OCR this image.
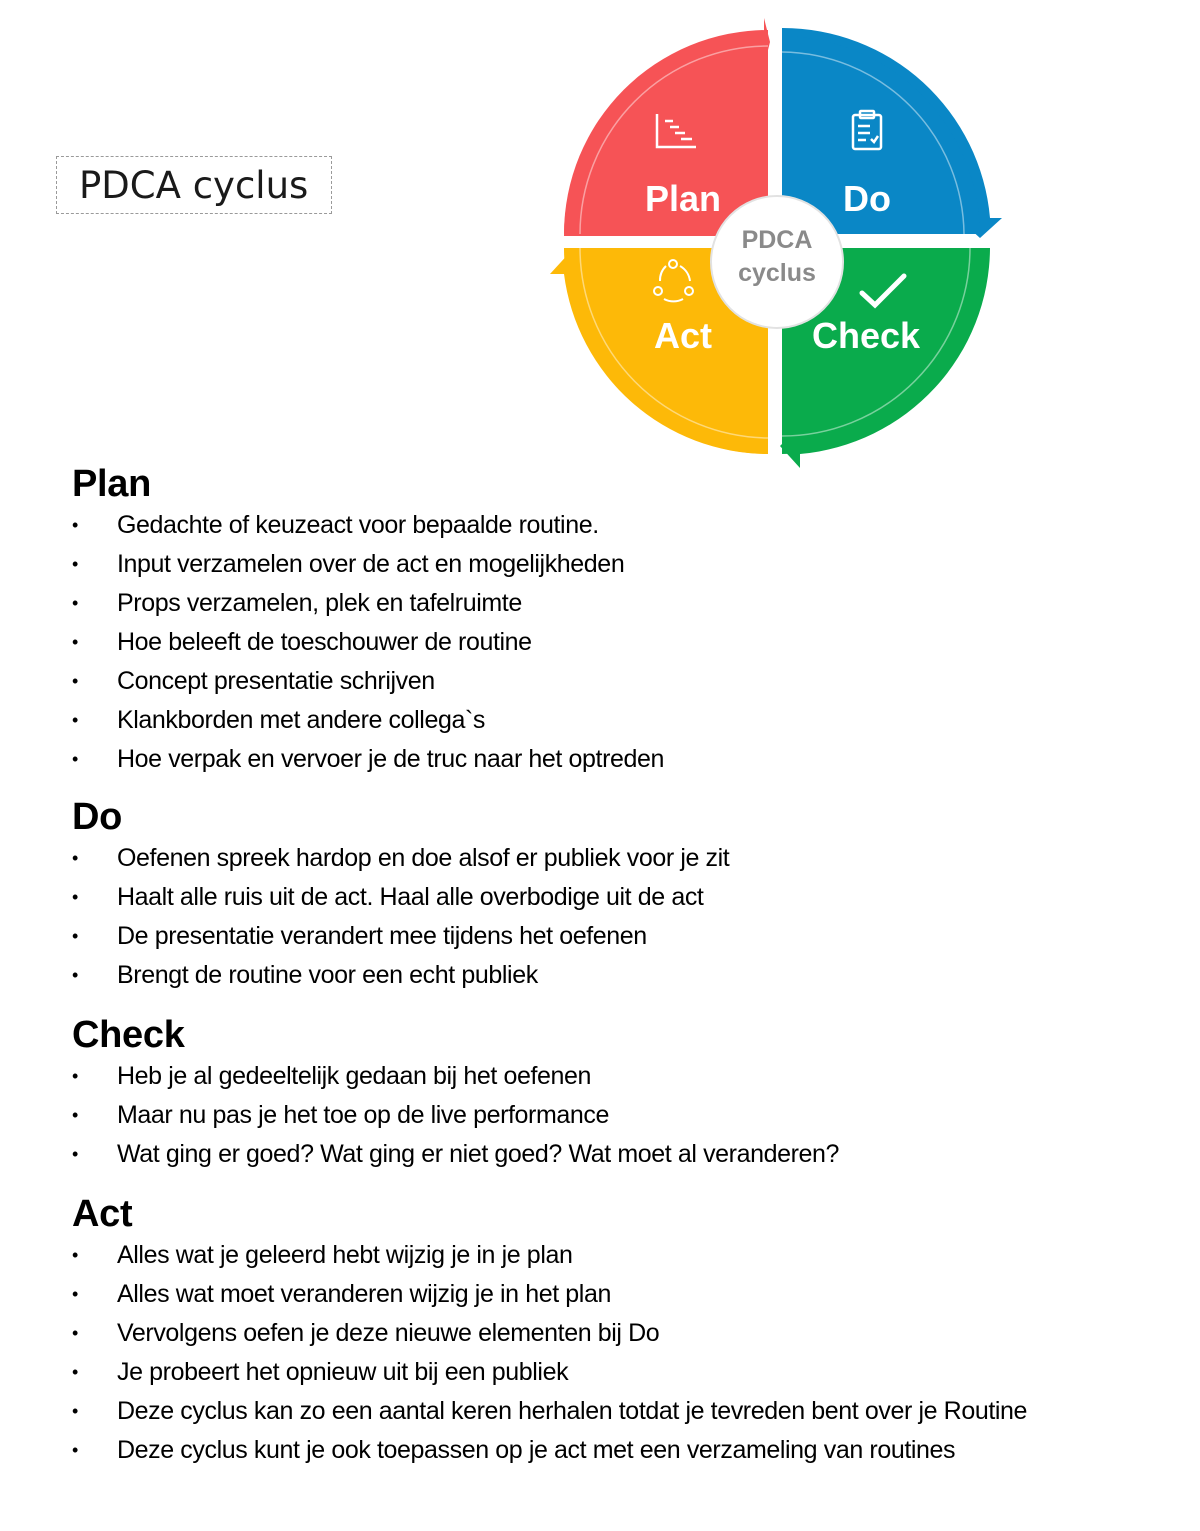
PDCA cyclus
PDCA
cyclus
Plan	Do
Check
Act
Plan
• Gedachte of keuzeact voor bepaalde routine.
• Input verzamelen over de act en mogelijkheden
• Props verzamelen, plek en tafelruimte
• Hoe beleeft de toeschouwer de routine
• Concept presentatie schrijven
• Klankborden met andere collega`s
• Hoe verpak en vervoer je de truc naar het optreden
Do
• Oefenen spreek hardop en doe alsof er publiek voor je zit
• Haalt alle ruis uit de act. Haal alle overbodige uit de act
• De presentatie verandert mee tijdens het oefenen
• Brengt de routine voor een echt publiek
Check
• Heb je al gedeeltelijk gedaan bij het oefenen
• Maar nu pas je het toe op de live performance
• Wat ging er goed? Wat ging er niet goed? Wat moet al veranderen?
Act
• Alles wat je geleerd hebt wijzig je in je plan
• Alles wat moet veranderen wijzig je in het plan
• Vervolgens oefen je deze nieuwe elementen bij Do
• Je probeert het opnieuw uit bij een publiek
• Deze cyclus kan zo een aantal keren herhalen totdat je tevreden bent over je Routine
• Deze cyclus kunt je ook toepassen op je act met een verzameling van routines
